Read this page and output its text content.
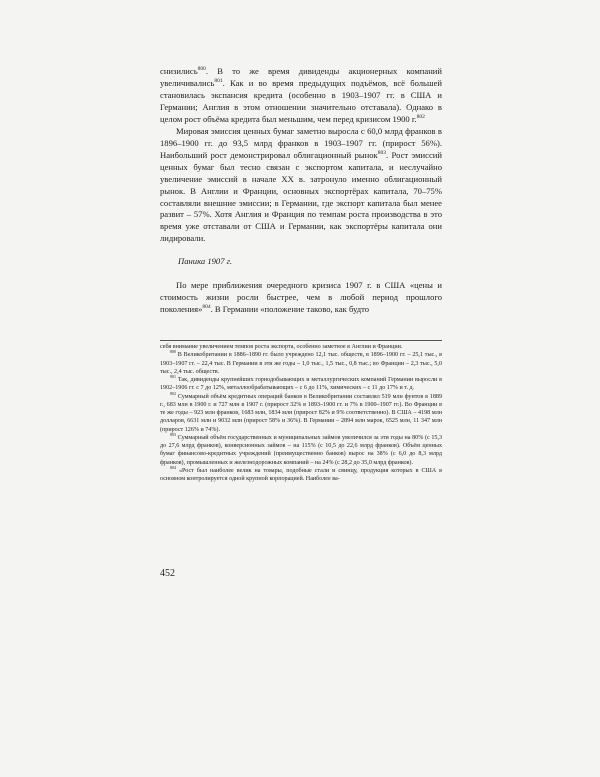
снизились$^{800}$. В то же время дивиденды акционерных компаний увеличивались$^{801}$. Как и во время предыдущих подъёмов, всё большей становилась экспансия кредита (особенно в 1903–1907 гг. в США и Германии; Англия в этом отношении значительно отставала). Однако в целом рост объёма кредита был меньшим, чем перед кризисом 1900 г.$^{802}$

Мировая эмиссия ценных бумаг заметно выросла с 60,0 млрд франков в 1896–1900 гг. до 93,5 млрд франков в 1903–1907 гг. (прирост 56%). Наибольший рост демонстрировал облигационный рынок$^{803}$. Рост эмиссий ценных бумаг был тесно связан с экспортом капитала, и неслучайно увеличение эмиссий в начале XX в. затронуло именно облигационный рынок. В Англии и Франции, основных экспортёрах капитала, 70–75% составляли внешние эмиссии; в Германии, где экспорт капитала был менее развит – 57%. Хотя Англия и Франция по темпам роста производства в это время уже отставали от США и Германии, как экспортёры капитала они лидировали.

Паника 1907 г.

По мере приближения очередного кризиса 1907 г. в США «цены и стоимость жизни росли быстрее, чем в любой период прошлого поколения»$^{804}$. В Германии «положение таково, как будто

себя внимание увеличением темпов роста экспорта, особенно заметное в Англии и Франции.

$^{800}$ В Великобритании в 1886–1890 гг. было учреждено 12,1 тыс. обществ, в 1896–1900 гг. – 25,1 тыс., в 1903–1907 гг. – 22,4 тыс. В Германии в эти же годы – 1,0 тыс., 1,5 тыс., 0,8 тыс.; во Франции – 2,3 тыс., 5,0 тыс., 2,4 тыс. обществ.

$^{801}$ Так, дивиденды крупнейших горнодобывающих и металлургических компаний Германии выросли в 1902–1906 гг. с 7 до 12%, металлообрабатывающих – с 6 до 11%, химических – с 11 до 17% и т. д.

$^{802}$ Суммарный объём кредитных операций банков в Великобритании составлял 519 млн фунтов в 1889 г., 683 млн в 1900 г. и 727 млн в 1907 г. (прирост 32% в 1893–1900 гг. и 7% в 1900–1907 гг.). Во Франции в те же годы – 923 млн франков, 1683 млн, 1834 млн (прирост 82% и 9% соответственно). В США – 4198 млн долларов, 6631 млн и 9032 млн (прирост 58% и 36%). В Германии – 2894 млн марок, 6525 млн, 11 347 млн (прирост 126% и 74%).

$^{803}$ Суммарный объём государственных и муниципальных займов увеличился за эти годы на 80% (с 15,3 до 27,6 млрд франков), конверсионных займов – на 115% (с 10,5 до 22,6 млрд франков). Объём ценных бумаг финансово-кредитных учреждений (преимущественно банков) вырос на 38% (с 6,0 до 8,3 млрд франков), промышленных и железнодорожных компаний – на 24% (с 28,2 до 35,0 млрд франков).

$^{804}$ «Рост был наиболее велик на товары, подобные стали и свинцу, продукция которых в США в основном контролируется одной крупной корпорацией. Наиболее ва-

452
